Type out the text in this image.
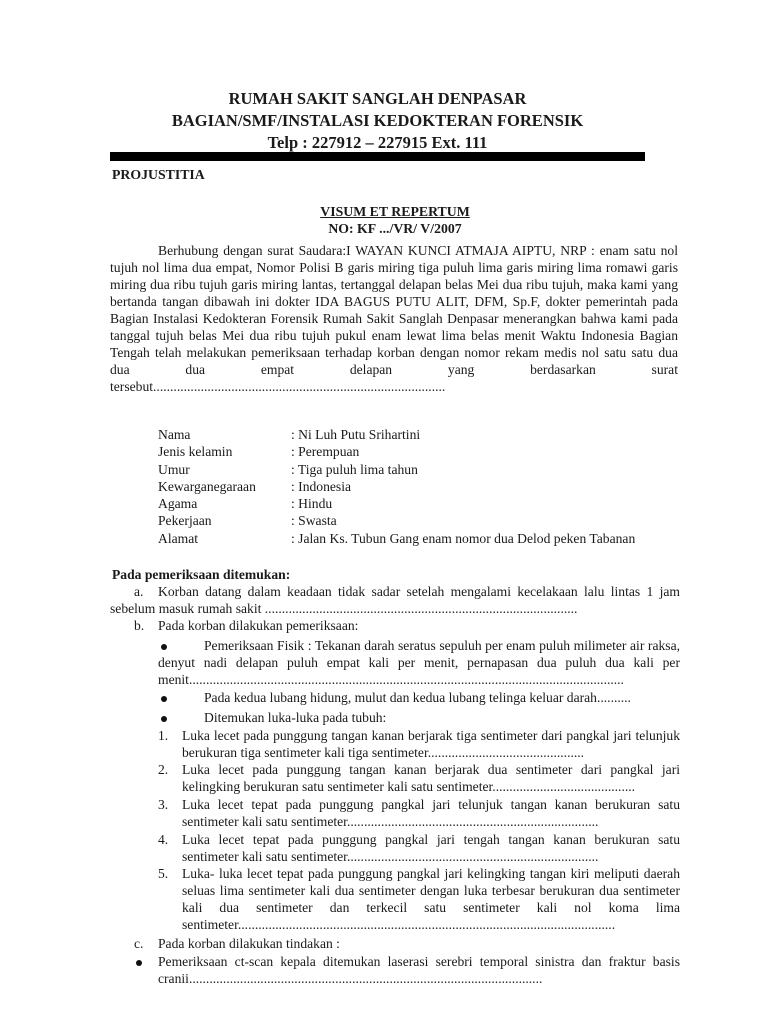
RUMAH SAKIT SANGLAH DENPASAR
BAGIAN/SMF/INSTALASI KEDOKTERAN FORENSIK
Telp : 227912 – 227915 Ext. 111
PROJUSTITIA
VISUM ET REPERTUM
NO: KF .../VR/ V/2007
Berhubung dengan surat Saudara:I WAYAN KUNCI ATMAJA AIPTU, NRP : enam satu nol tujuh nol lima dua empat, Nomor Polisi B garis miring tiga puluh lima garis miring lima romawi garis miring dua ribu tujuh garis miring lantas, tertanggal delapan belas Mei dua ribu tujuh, maka kami yang bertanda tangan dibawah ini dokter IDA BAGUS PUTU ALIT, DFM, Sp.F, dokter pemerintah pada Bagian Instalasi Kedokteran Forensik Rumah Sakit Sanglah Denpasar menerangkan bahwa kami pada tanggal tujuh belas Mei dua ribu tujuh pukul enam lewat lima belas menit Waktu Indonesia Bagian Tengah telah melakukan pemeriksaan terhadap korban dengan nomor rekam medis nol satu satu dua dua dua empat delapan yang berdasarkan surat tersebut......................................................................................
Nama	: Ni Luh Putu Srihartini
Jenis kelamin	: Perempuan
Umur	: Tiga puluh lima tahun
Kewarganegaraan	: Indonesia
Agama	: Hindu
Pekerjaan	: Swasta
Alamat	: Jalan Ks. Tubun Gang enam nomor dua Delod peken Tabanan
Pada pemeriksaan ditemukan:
a.	Korban datang dalam keadaan tidak sadar setelah mengalami kecelakaan lalu lintas 1 jam sebelum masuk rumah sakit ............................................................................................
b. Pada korban dilakukan pemeriksaan:
Pemeriksaan Fisik : Tekanan darah seratus sepuluh per enam puluh milimeter air raksa, denyut nadi delapan puluh empat kali per menit, pernapasan dua puluh dua kali per menit................................................................................................................................
Pada kedua lubang hidung, mulut dan kedua lubang telinga keluar darah..........
Ditemukan luka-luka pada tubuh:
1. Luka lecet pada punggung tangan kanan berjarak tiga sentimeter dari pangkal jari telunjuk berukuran tiga sentimeter kali tiga sentimeter..............................................
2. Luka lecet pada punggung tangan kanan berjarak dua sentimeter dari pangkal jari kelingking berukuran satu sentimeter kali satu sentimeter..........................................
3. Luka lecet tepat pada punggung pangkal jari telunjuk tangan kanan berukuran satu sentimeter kali satu sentimeter..........................................................................
4. Luka lecet tepat pada punggung pangkal jari tengah tangan kanan berukuran satu sentimeter kali satu sentimeter..........................................................................
5. Luka- luka lecet tepat pada punggung pangkal jari kelingking tangan kiri meliputi daerah seluas lima sentimeter kali dua sentimeter dengan luka terbesar berukuran dua sentimeter kali dua sentimeter dan terkecil satu sentimeter kali nol koma lima sentimeter...............................................................................................................
c. Pada korban dilakukan tindakan :
Pemeriksaan ct-scan kepala ditemukan laserasi serebri temporal sinistra dan fraktur basis cranii........................................................................................................
